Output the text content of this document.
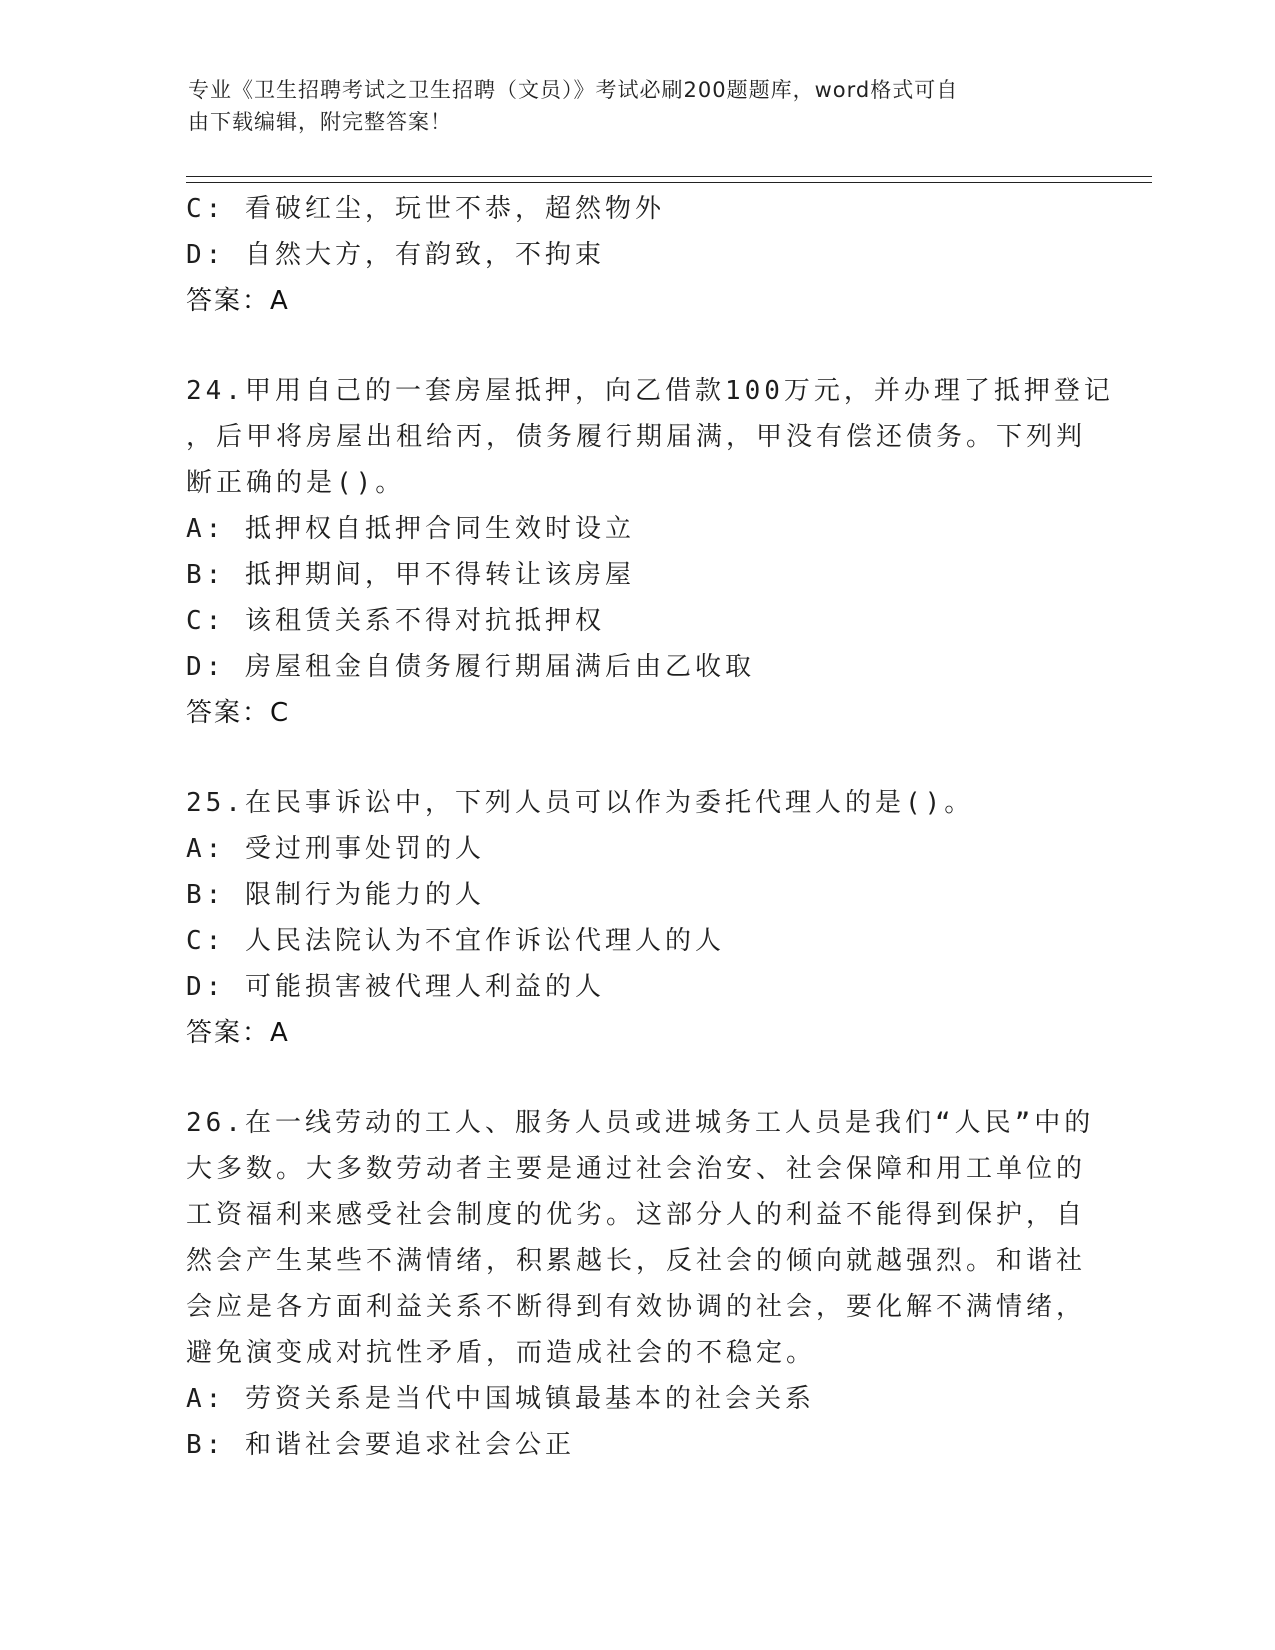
专业《卫生招聘考试之卫生招聘（文员）》考试必刷200题题库，word格式可自
由下载编辑，附完整答案！
C: 看破红尘，玩世不恭，超然物外
D: 自然大方，有韵致，不拘束
答案：A
24.甲用自己的一套房屋抵押，向乙借款100万元，并办理了抵押登记
，后甲将房屋出租给丙，债务履行期届满，甲没有偿还债务。下列判
断正确的是()。
A: 抵押权自抵押合同生效时设立
B: 抵押期间，甲不得转让该房屋
C: 该租赁关系不得对抗抵押权
D: 房屋租金自债务履行期届满后由乙收取
答案：C
25.在民事诉讼中，下列人员可以作为委托代理人的是()。
A: 受过刑事处罚的人
B: 限制行为能力的人
C: 人民法院认为不宜作诉讼代理人的人
D: 可能损害被代理人利益的人
答案：A
26.在一线劳动的工人、服务人员或进城务工人员是我们“人民”中的
大多数。大多数劳动者主要是通过社会治安、社会保障和用工单位的
工资福利来感受社会制度的优劣。这部分人的利益不能得到保护，自
然会产生某些不满情绪，积累越长，反社会的倾向就越强烈。和谐社
会应是各方面利益关系不断得到有效协调的社会，要化解不满情绪，
避免演变成对抗性矛盾，而造成社会的不稳定。
A: 劳资关系是当代中国城镇最基本的社会关系
B: 和谐社会要追求社会公正
